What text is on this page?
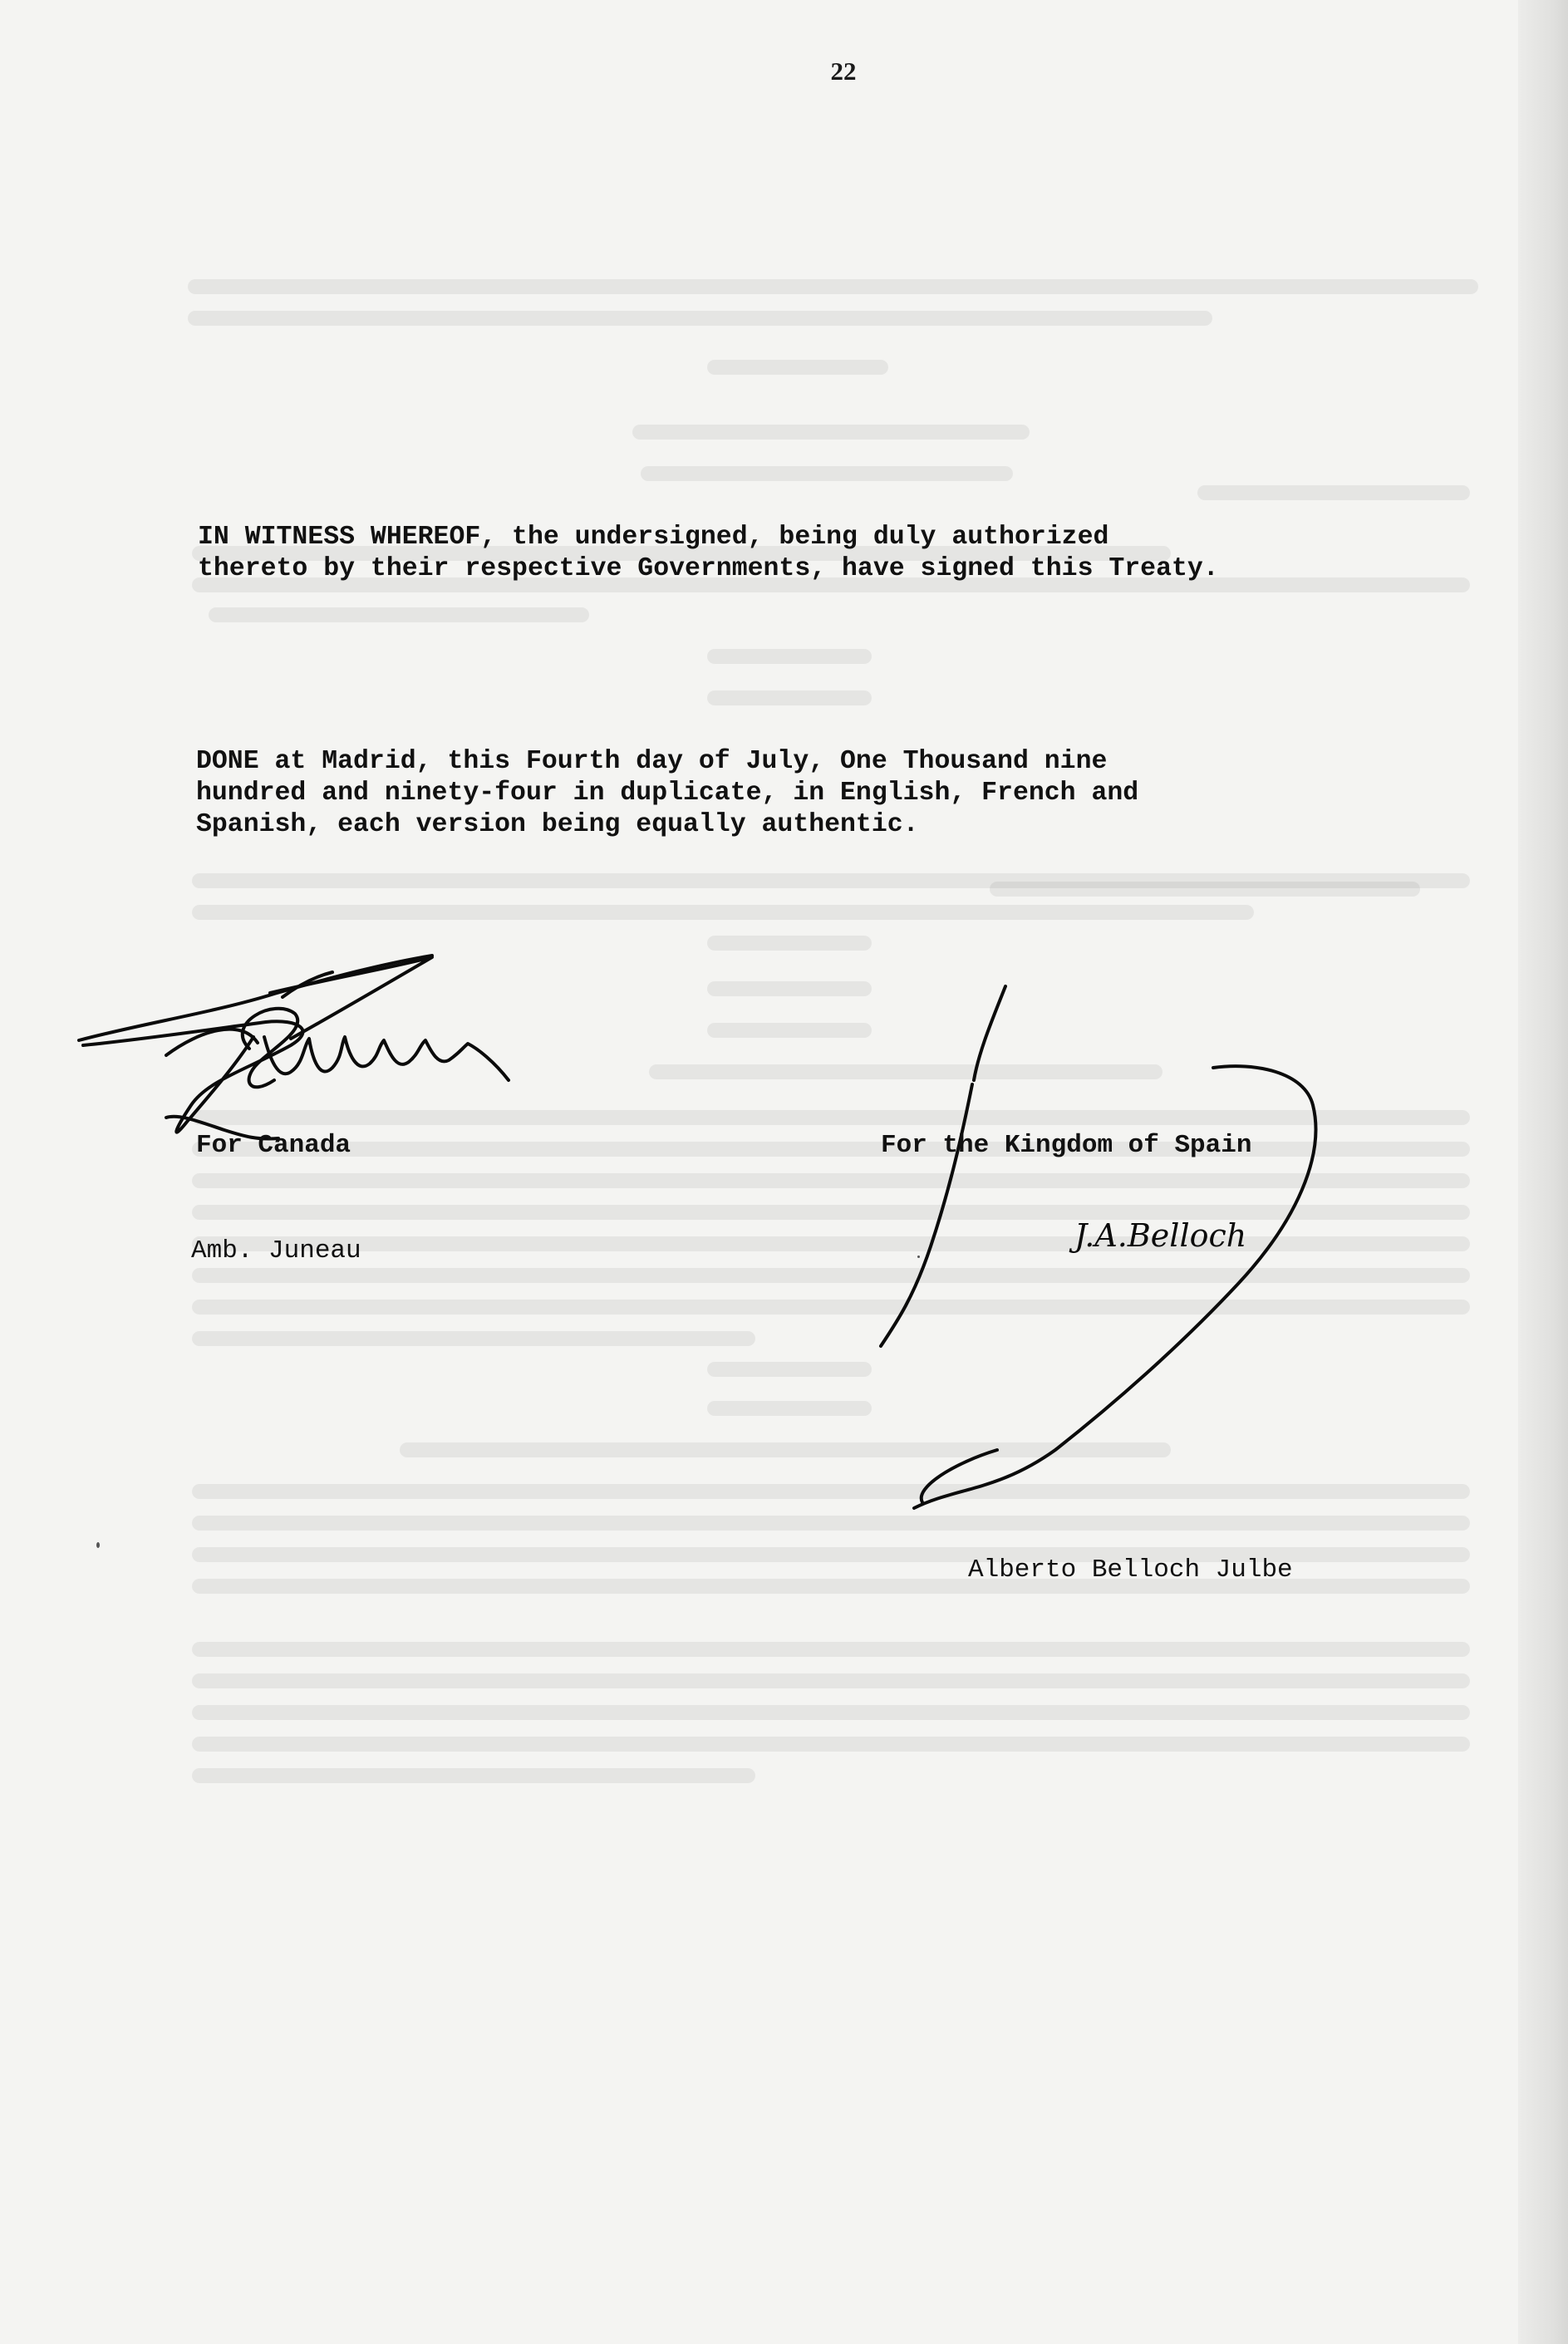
22

IN WITNESS WHEREOF, the undersigned, being duly authorized
thereto by their respective Governments, have signed this Treaty.

DONE at Madrid, this Fourth day of July, One Thousand nine
hundred and ninety-four in duplicate, in English, French and
Spanish, each version being equally authentic.

For Canada
Amb. Juneau	J.A.Belloch
For the Kingdom of Spain
Alberto Belloch Julbe
